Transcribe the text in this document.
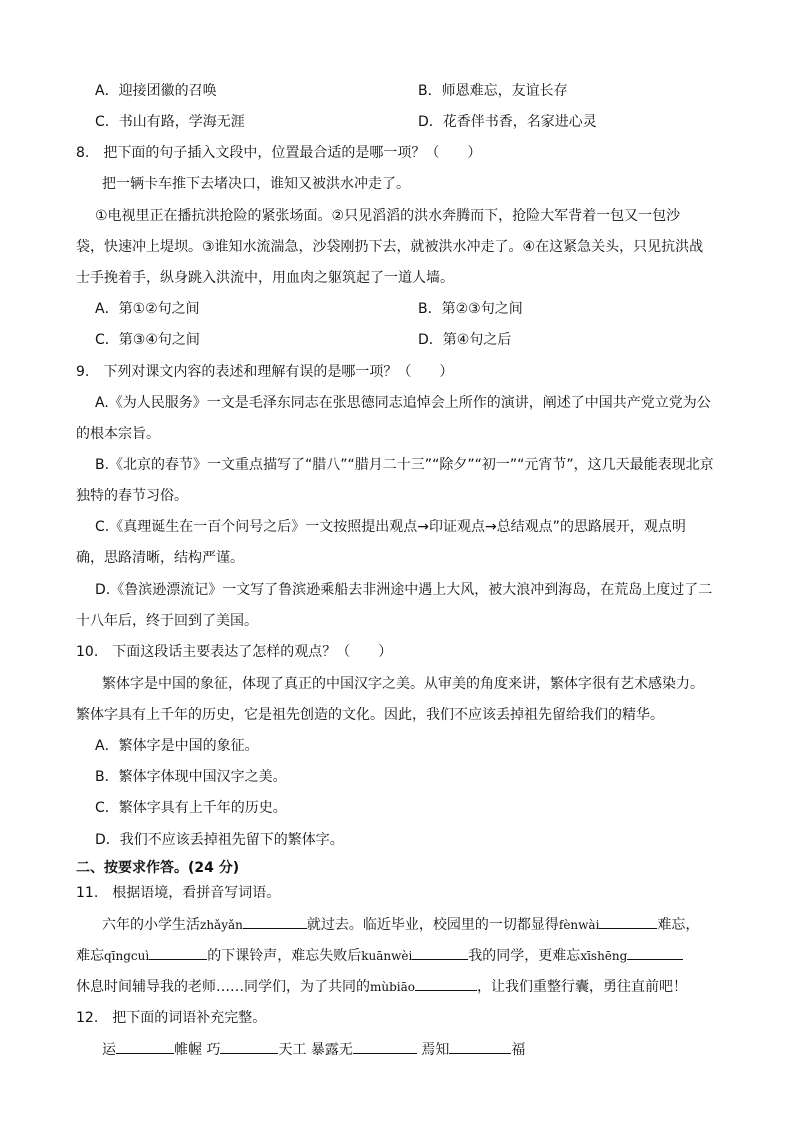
A．迎接团徽的召唤	B．师恩难忘，友谊长存
C．书山有路，学海无涯	D．花香伴书香，名家进心灵
8.　把下面的句子插入文段中，位置最合适的是哪一项？（　　）
把一辆卡车推下去堵决口，谁知又被洪水冲走了。
①电视里正在播抗洪抢险的紧张场面。②只见滔滔的洪水奔腾而下，抢险大军背着一包又一包沙
袋，快速冲上堤坝。③谁知水流湍急，沙袋刚扔下去，就被洪水冲走了。④在这紧急关头，只见抗洪战
士手挽着手，纵身跳入洪流中，用血肉之躯筑起了一道人墙。
A．第①②句之间	B．第②③句之间
C．第③④句之间	D．第④句之后
9.　下列对课文内容的表述和理解有误的是哪一项？（　　）
A.《为人民服务》一文是毛泽东同志在张思德同志追悼会上所作的演讲，阐述了中国共产党立党为公
的根本宗旨。
B.《北京的春节》一文重点描写了“腊八”“腊月二十三”“除夕”“初一”“元宵节”，这几天最能表现北京
独特的春节习俗。
C.《真理诞生在一百个问号之后》一文按照提出观点→印证观点→总结观点”的思路展开，观点明
确，思路清晰，结构严谨。
D.《鲁滨逊漂流记》一文写了鲁滨逊乘船去非洲途中遇上大风，被大浪冲到海岛，在荒岛上度过了二
十八年后，终于回到了美国。
10.　下面这段话主要表达了怎样的观点？（　　）
繁体字是中国的象征，体现了真正的中国汉字之美。从审美的角度来讲，繁体字很有艺术感染力。
繁体字具有上千年的历史，它是祖先创造的文化。因此，我们不应该丢掉祖先留给我们的精华。
A．繁体字是中国的象征。
B．繁体字体现中国汉字之美。
C．繁体字具有上千年的历史。
D．我们不应该丢掉祖先留下的繁体字。
二、按要求作答。(24 分)
11.　根据语境，看拼音写词语。
六年的小学生活zhǎyǎn	就过去。临近毕业，校园里的一切都显得fènwài	难忘，
难忘qīngcuì	的下课铃声，难忘失败后kuānwèi	我的同学，更难忘xīshēng
休息时间辅导我的老师……同学们，为了共同的mùbiāo	，让我们重整行囊，勇往直前吧！
12.　把下面的词语补充完整。
运	帷幄 巧	天工 暴露无	焉知	福
